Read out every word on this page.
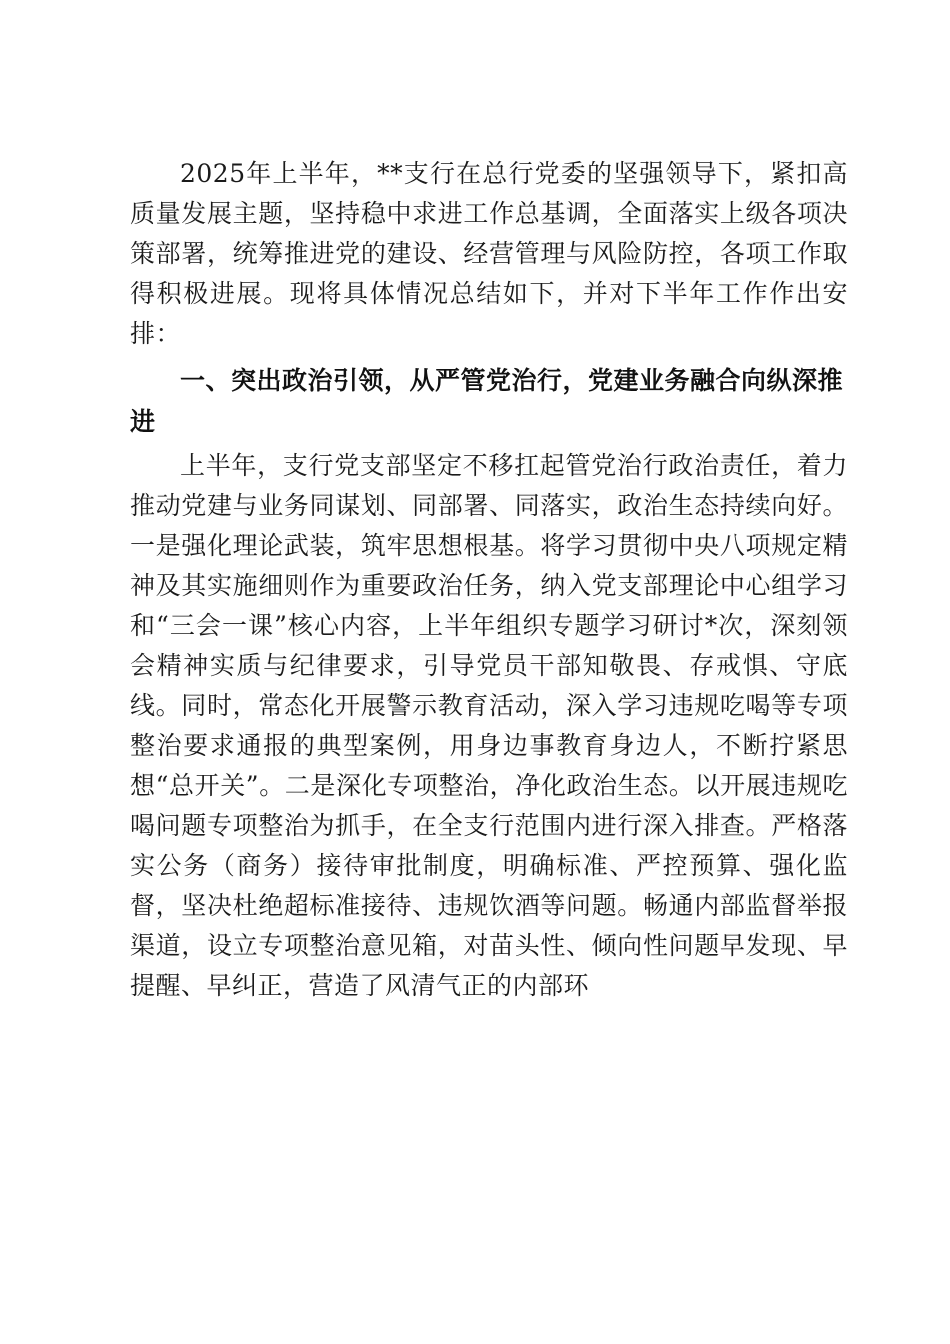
2025年上半年，**支行在总行党委的坚强领导下，紧扣高质量发展主题，坚持稳中求进工作总基调，全面落实上级各项决策部署，统筹推进党的建设、经营管理与风险防控，各项工作取得积极进展。现将具体情况总结如下，并对下半年工作作出安排：

一、突出政治引领，从严管党治行，党建业务融合向纵深推进

上半年，支行党支部坚定不移扛起管党治行政治责任，着力推动党建与业务同谋划、同部署、同落实，政治生态持续向好。一是强化理论武装，筑牢思想根基。将学习贯彻中央八项规定精神及其实施细则作为重要政治任务，纳入党支部理论中心组学习和“三会一课”核心内容，上半年组织专题学习研讨*次，深刻领会精神实质与纪律要求，引导党员干部知敬畏、存戒惧、守底线。同时，常态化开展警示教育活动，深入学习违规吃喝等专项整治要求通报的典型案例，用身边事教育身边人，不断拧紧思想“总开关”。二是深化专项整治，净化政治生态。以开展违规吃喝问题专项整治为抓手，在全支行范围内进行深入排查。严格落实公务（商务）接待审批制度，明确标准、严控预算、强化监督，坚决杜绝超标准接待、违规饮酒等问题。畅通内部监督举报渠道，设立专项整治意见箱，对苗头性、倾向性问题早发现、早提醒、早纠正，营造了风清气正的内部环
